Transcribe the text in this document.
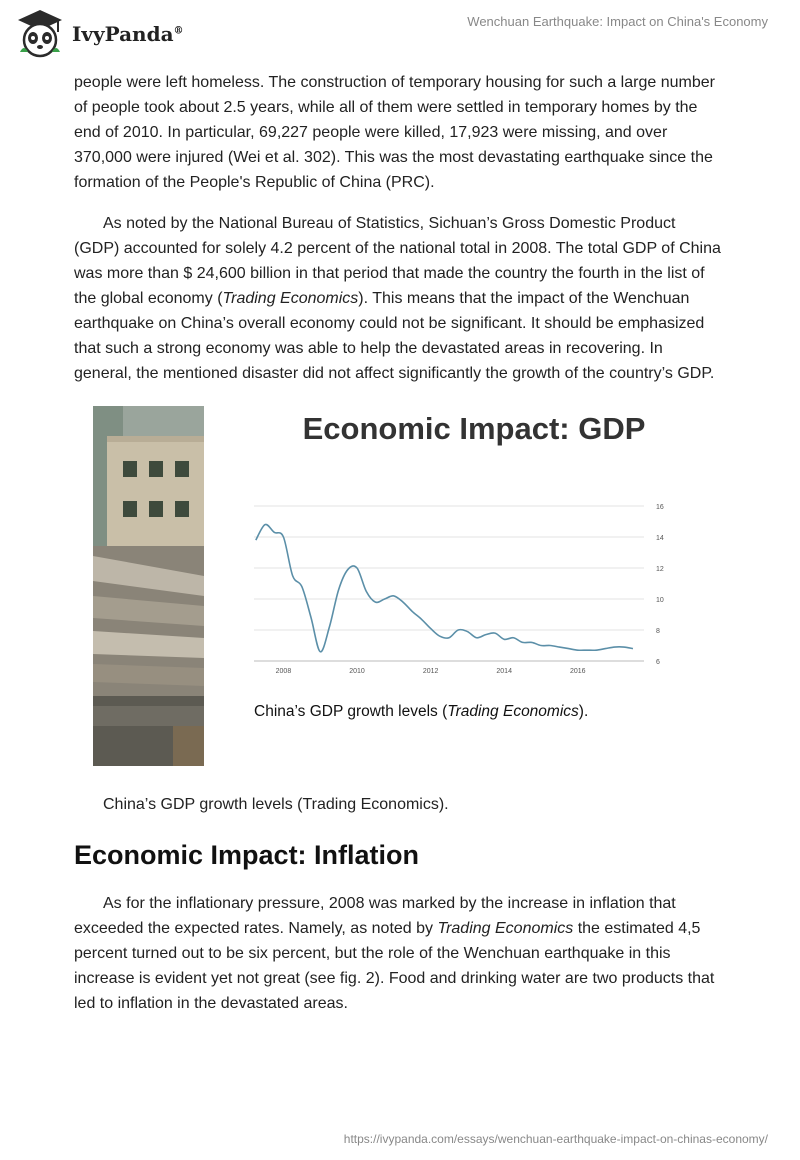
IvyPanda®
Wenchuan Earthquake: Impact on China's Economy

people were left homeless. The construction of temporary housing for such a large number of people took about 2.5 years, while all of them were settled in temporary homes by the end of 2010. In particular, 69,227 people were killed, 17,923 were missing, and over 370,000 were injured (Wei et al. 302). This was the most devastating earthquake since the formation of the People's Republic of China (PRC).

As noted by the National Bureau of Statistics, Sichuan’s Gross Domestic Product (GDP) accounted for solely 4.2 percent of the national total in 2008. The total GDP of China was more than $ 24,600 billion in that period that made the country the fourth in the list of the global economy (Trading Economics). This means that the impact of the Wenchuan earthquake on China’s overall economy could not be significant. It should be emphasized that such a strong economy was able to help the devastated areas in recovering. In general, the mentioned disaster did not affect significantly the growth of the country’s GDP.

Economic Impact: GDP
6
8
10
12
14
16
2008	2010	2012	2014	2016
China’s GDP growth levels (Trading Economics).
China’s GDP growth levels (Trading Economics).
Economic Impact: Inflation

As for the inflationary pressure, 2008 was marked by the increase in inflation that exceeded the expected rates. Namely, as noted by Trading Economics the estimated 4,5 percent turned out to be six percent, but the role of the Wenchuan earthquake in this increase is evident yet not great (see fig. 2). Food and drinking water are two products that led to inflation in the devastated areas.

https://ivypanda.com/essays/wenchuan-earthquake-impact-on-chinas-economy/
